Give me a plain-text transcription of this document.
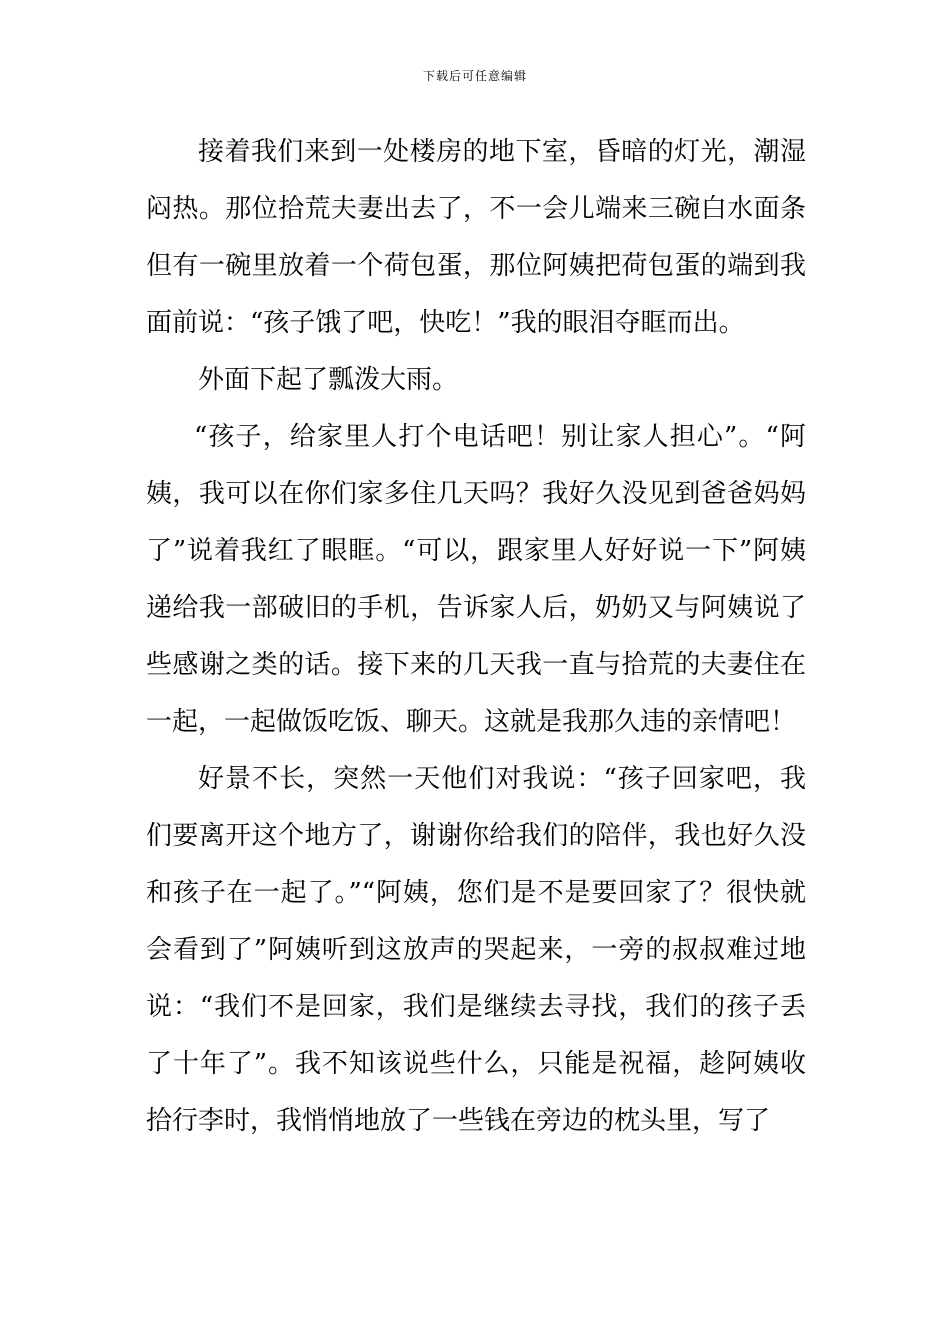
下载后可任意编辑

接着我们来到一处楼房的地下室，昏暗的灯光，潮湿闷热。那位拾荒夫妻出去了，不一会儿端来三碗白水面条但有一碗里放着一个荷包蛋，那位阿姨把荷包蛋的端到我面前说：“孩子饿了吧，快吃！”我的眼泪夺眶而出。

外面下起了瓢泼大雨。

“孩子，给家里人打个电话吧！别让家人担心”。“阿姨，我可以在你们家多住几天吗？我好久没见到爸爸妈妈了”说着我红了眼眶。“可以，跟家里人好好说一下”阿姨递给我一部破旧的手机，告诉家人后，奶奶又与阿姨说了些感谢之类的话。接下来的几天我一直与拾荒的夫妻住在一起，一起做饭吃饭、聊天。这就是我那久违的亲情吧！

好景不长，突然一天他们对我说：“孩子回家吧，我们要离开这个地方了，谢谢你给我们的陪伴，我也好久没和孩子在一起了。”“阿姨，您们是不是要回家了？很快就会看到了”阿姨听到这放声的哭起来，一旁的叔叔难过地说：“我们不是回家，我们是继续去寻找，我们的孩子丢了十年了”。我不知该说些什么，只能是祝福，趁阿姨收拾行李时，我悄悄地放了一些钱在旁边的枕头里，写了
